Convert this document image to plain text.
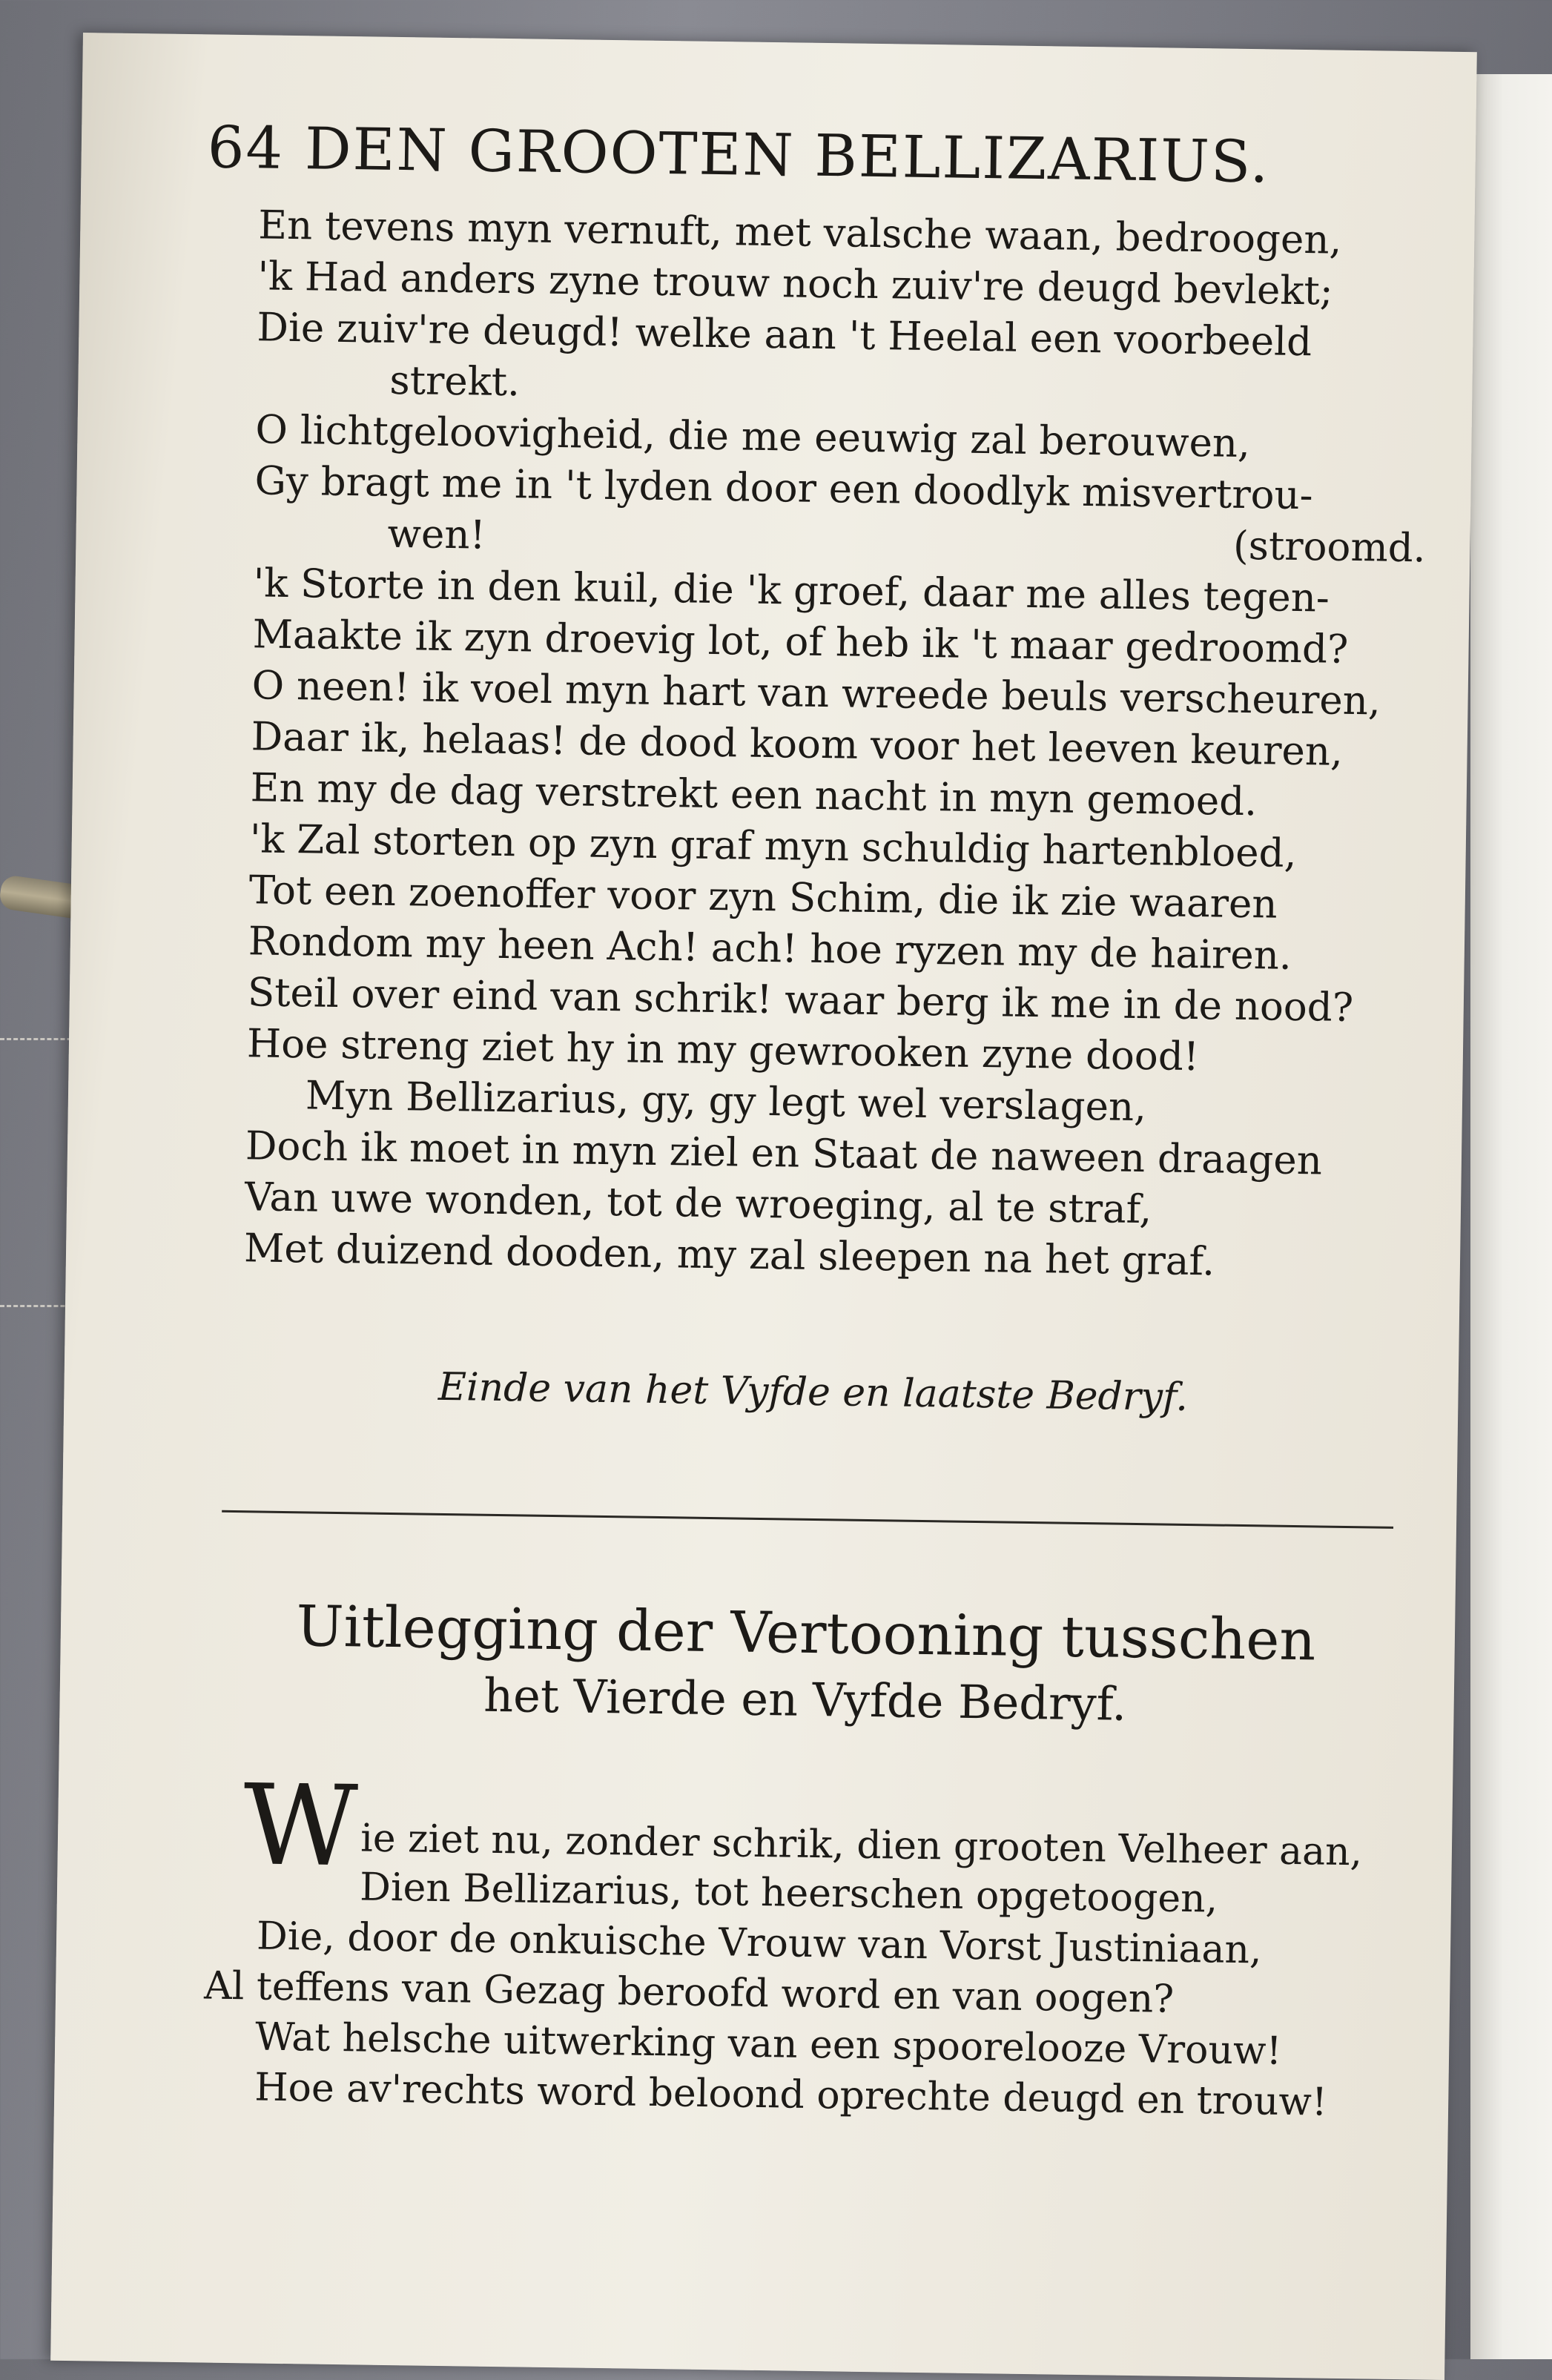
64 DEN GROOTEN BELLIZARIUS.
En tevens myn vernuft, met valsche waan, bedroogen,
'k Had anders zyne trouw noch zuiv're deugd bevlekt;
Die zuiv're deugd! welke aan 't Heelal een voorbeeld
strekt.
O lichtgeloovigheid, die me eeuwig zal berouwen,
Gy bragt me in 't lyden door een doodlyk misvertrou-
wen!	(stroomd.
'k Storte in den kuil, die 'k groef, daar me alles tegen-
Maakte ik zyn droevig lot, of heb ik 't maar gedroomd?
O neen! ik voel myn hart van wreede beuls verscheuren,
Daar ik, helaas! de dood koom voor het leeven keuren,
En my de dag verstrekt een nacht in myn gemoed.
'k Zal storten op zyn graf myn schuldig hartenbloed,
Tot een zoenoffer voor zyn Schim, die ik zie waaren
Rondom my heen Ach! ach! hoe ryzen my de hairen.
Steil over eind van schrik! waar berg ik me in de nood?
Hoe streng ziet hy in my gewrooken zyne dood!
Myn Bellizarius, gy, gy legt wel verslagen,
Doch ik moet in myn ziel en Staat de naween draagen
Van uwe wonden, tot de wroeging, al te straf,
Met duizend dooden, my zal sleepen na het graf.
Einde van het Vyfde en laatste Bedryf.
Uitlegging der Vertooning tusschen
het Vierde en Vyfde Bedryf.
Wie ziet nu, zonder schrik, dien grooten Velheer aan,
Dien Bellizarius, tot heerschen opgetoogen,
Die, door de onkuische Vrouw van Vorst Justiniaan,
Al teffens van Gezag beroofd word en van oogen?
Wat helsche uitwerking van een spoorelooze Vrouw!
Hoe av'rechts word beloond oprechte deugd en trouw!
